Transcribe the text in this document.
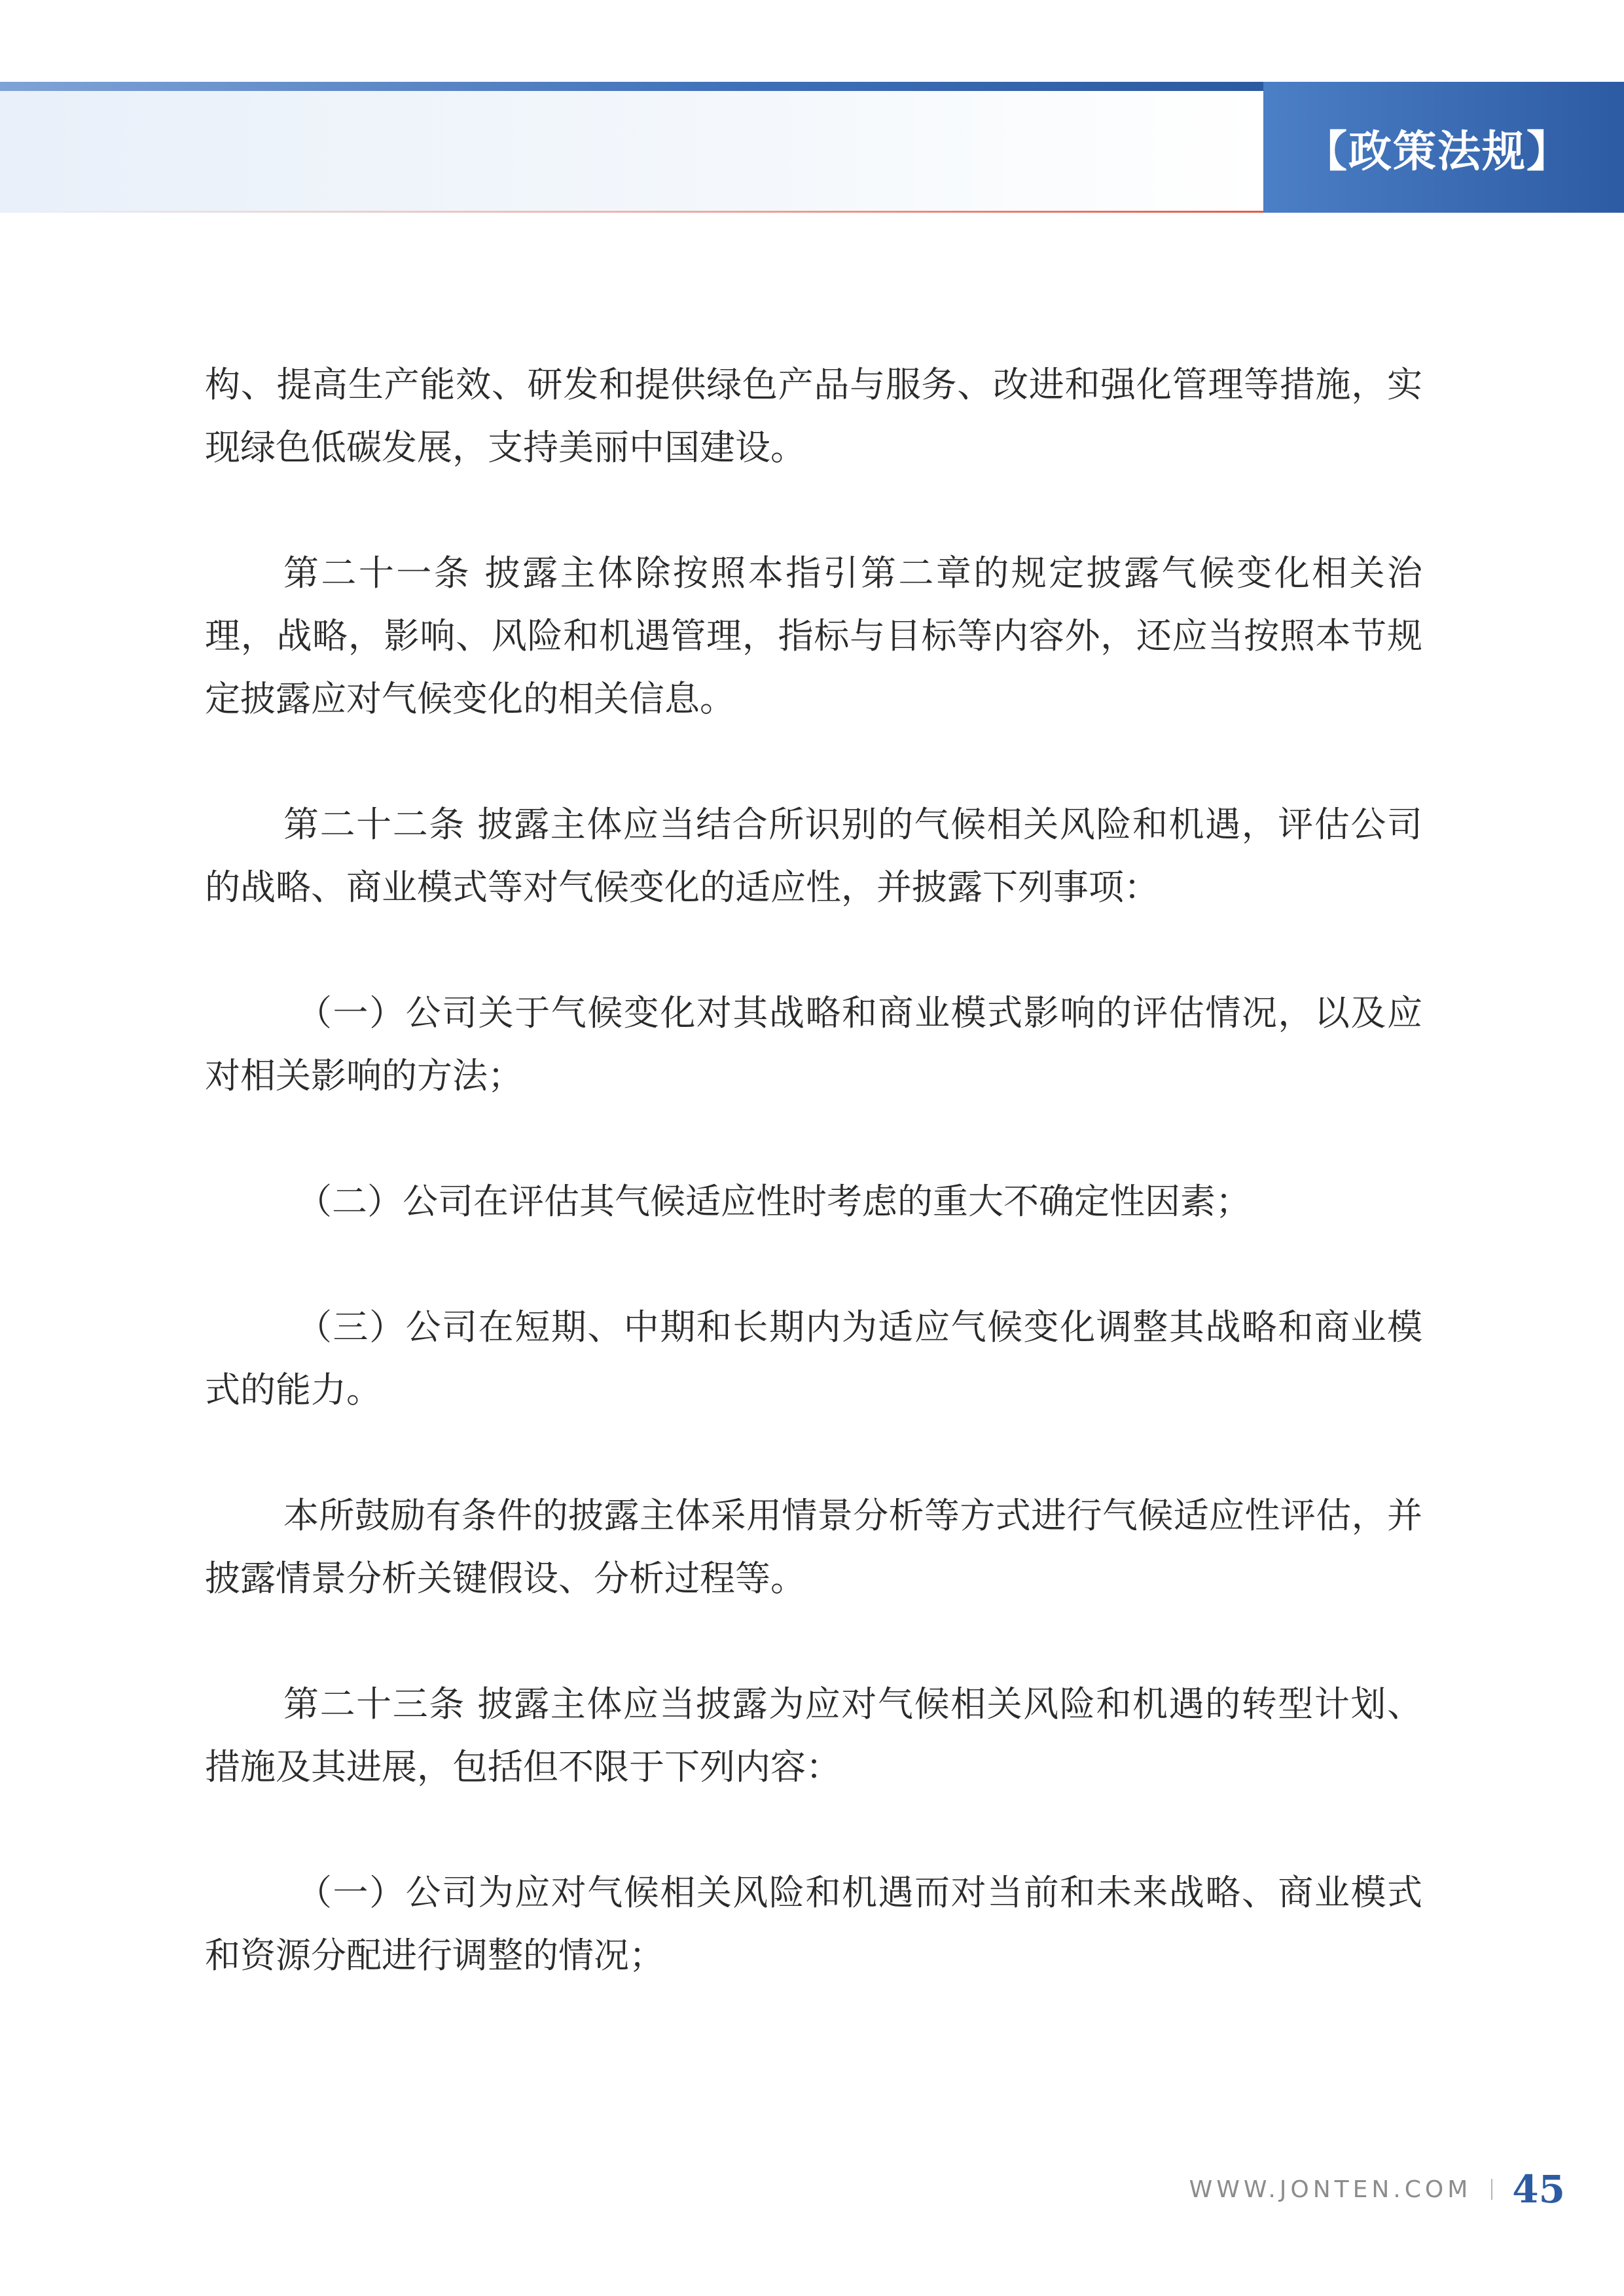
【政策法规】

构、提高生产能效、研发和提供绿色产品与服务、改进和强化管理等措施，实现绿色低碳发展，支持美丽中国建设。

第二十一条 披露主体除按照本指引第二章的规定披露气候变化相关治理，战略，影响、风险和机遇管理，指标与目标等内容外，还应当按照本节规定披露应对气候变化的相关信息。

第二十二条 披露主体应当结合所识别的气候相关风险和机遇，评估公司的战略、商业模式等对气候变化的适应性，并披露下列事项：

（一）公司关于气候变化对其战略和商业模式影响的评估情况，以及应对相关影响的方法；

（二）公司在评估其气候适应性时考虑的重大不确定性因素；

（三）公司在短期、中期和长期内为适应气候变化调整其战略和商业模式的能力。

本所鼓励有条件的披露主体采用情景分析等方式进行气候适应性评估，并披露情景分析关键假设、分析过程等。

第二十三条 披露主体应当披露为应对气候相关风险和机遇的转型计划、措施及其进展，包括但不限于下列内容：

（一）公司为应对气候相关风险和机遇而对当前和未来战略、商业模式和资源分配进行调整的情况；

WWW.JONTEN.COM 45
